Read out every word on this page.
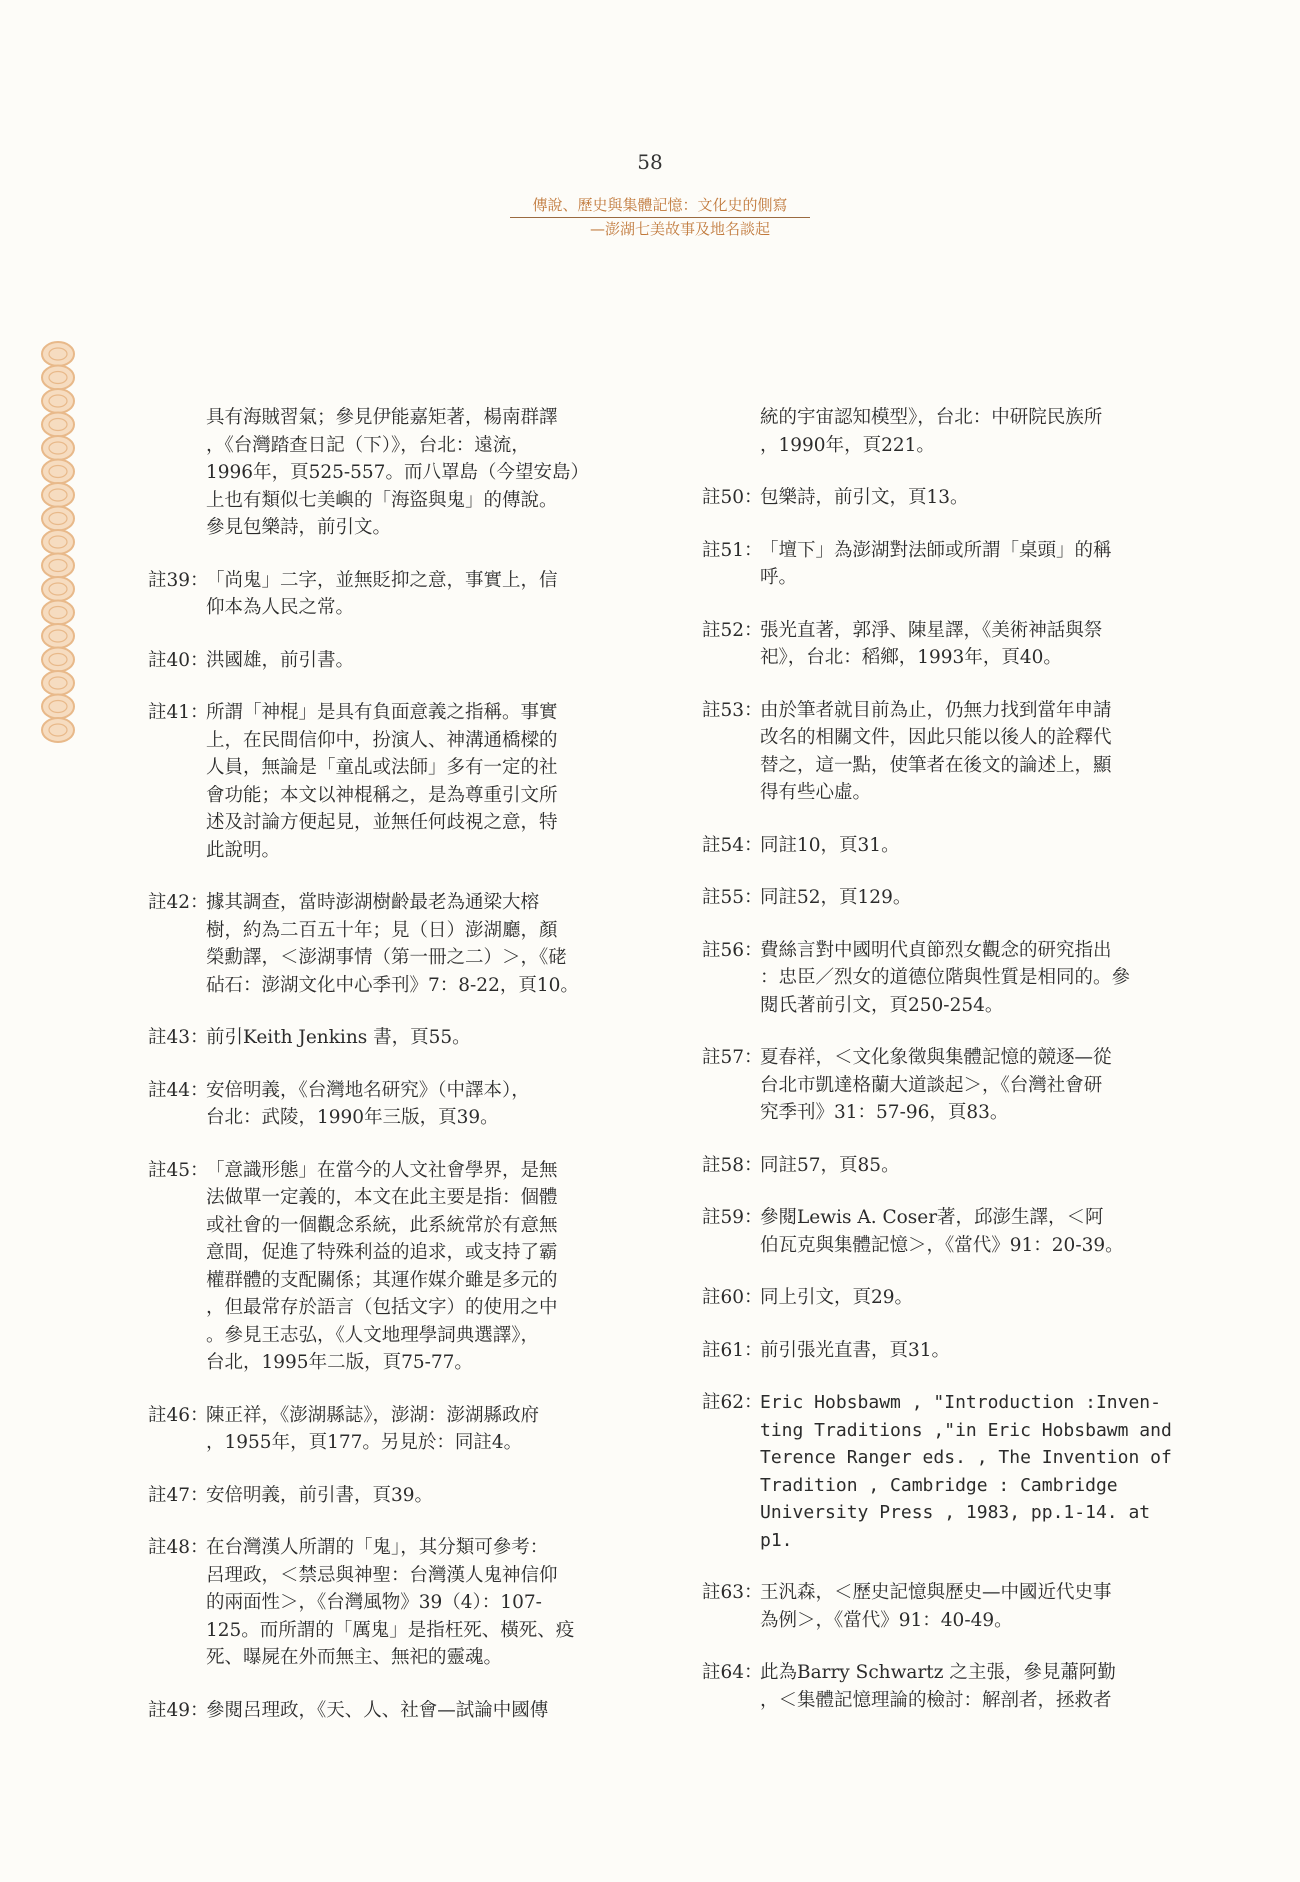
58
傳說、歷史與集體記憶：文化史的側寫
—澎湖七美故事及地名談起
具有海賊習氣；參見伊能嘉矩著，楊南群譯
，《台灣踏查日記（下）》，台北：遠流，
1996年，頁525-557。而八罩島（今望安島）
上也有類似七美嶼的「海盜與鬼」的傳說。
參見包樂詩，前引文。
註39：
「尚鬼」二字，並無貶抑之意，事實上，信
仰本為人民之常。
註40：
洪國雄，前引書。
註41：
所謂「神棍」是具有負面意義之指稱。事實
上，在民間信仰中，扮演人、神溝通橋樑的
人員，無論是「童乩或法師」多有一定的社
會功能；本文以神棍稱之，是為尊重引文所
述及討論方便起見，並無任何歧視之意，特
此說明。
註42：
據其調查，當時澎湖樹齡最老為通梁大榕
樹，約為二百五十年；見（日）澎湖廳，顏
榮勳譯，＜澎湖事情（第一冊之二）＞，《硓
砧石：澎湖文化中心季刊》7：8-22，頁10。
註43：
前引Keith Jenkins 書，頁55。
註44：
安倍明義，《台灣地名研究》（中譯本），
台北：武陵，1990年三版，頁39。
註45：
「意識形態」在當今的人文社會學界，是無
法做單一定義的，本文在此主要是指：個體
或社會的一個觀念系統，此系統常於有意無
意間，促進了特殊利益的追求，或支持了霸
權群體的支配關係；其運作媒介雖是多元的
，但最常存於語言（包括文字）的使用之中
。參見王志弘，《人文地理學詞典選譯》，
台北，1995年二版，頁75-77。
註46：
陳正祥，《澎湖縣誌》，澎湖：澎湖縣政府
，1955年，頁177。另見於：同註4。
註47：
安倍明義，前引書，頁39。
註48：
在台灣漢人所謂的「鬼」，其分類可參考：
呂理政，＜禁忌與神聖：台灣漢人鬼神信仰
的兩面性＞，《台灣風物》39（4）：107-
125。而所謂的「厲鬼」是指枉死、橫死、疫
死、曝屍在外而無主、無祀的靈魂。
註49：
參閱呂理政，《天、人、社會—試論中國傳
統的宇宙認知模型》，台北：中研院民族所
，1990年，頁221。
註50：
包樂詩，前引文，頁13。
註51：
「壇下」為澎湖對法師或所謂「桌頭」的稱
呼。
註52：
張光直著，郭淨、陳星譯，《美術神話與祭
祀》，台北：稻鄉，1993年，頁40。
註53：
由於筆者就目前為止，仍無力找到當年申請
改名的相關文件，因此只能以後人的詮釋代
替之，這一點，使筆者在後文的論述上，顯
得有些心虛。
註54：
同註10，頁31。
註55：
同註52，頁129。
註56：
費絲言對中國明代貞節烈女觀念的研究指出
：忠臣／烈女的道德位階與性質是相同的。參
閱氏著前引文，頁250-254。
註57：
夏春祥，＜文化象徵與集體記憶的競逐—從
台北市凱達格蘭大道談起＞，《台灣社會研
究季刊》31：57-96，頁83。
註58：
同註57，頁85。
註59：
參閱Lewis A. Coser著，邱澎生譯，＜阿
伯瓦克與集體記憶＞，《當代》91：20-39。
註60：
同上引文，頁29。
註61：
前引張光直書，頁31。
註62：
Eric Hobsbawm , "Introduction :Inven-
ting Traditions ,"in Eric Hobsbawm and
Terence Ranger eds. , The Invention of
Tradition , Cambridge : Cambridge
University Press , 1983, pp.1-14. at
p1.
註63：
王汎森，＜歷史記憶與歷史—中國近代史事
為例＞，《當代》91：40-49。
註64：
此為Barry Schwartz 之主張，參見蕭阿勤
，＜集體記憶理論的檢討：解剖者，拯救者
